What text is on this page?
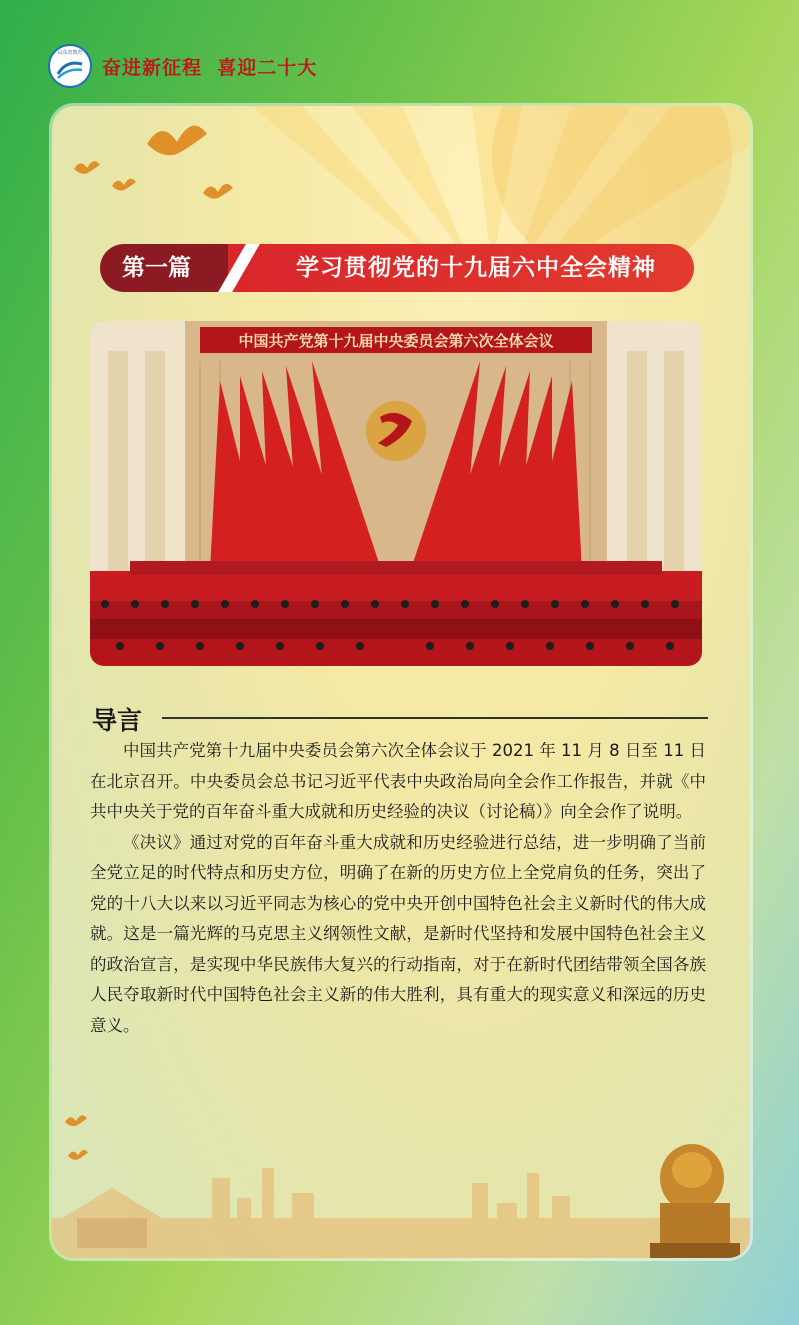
山东省教育
奋进新征程  喜迎二十大
第一篇	学习贯彻党的十九届六中全会精神
中国共产党第十九届中央委员会第六次全体会议
导言

中国共产党第十九届中央委员会第六次全体会议于 2021 年 11 月 8 日至 11 日在北京召开。中央委员会总书记习近平代表中央政治局向全会作工作报告，并就《中共中央关于党的百年奋斗重大成就和历史经验的决议（讨论稿）》向全会作了说明。

《决议》通过对党的百年奋斗重大成就和历史经验进行总结，进一步明确了当前全党立足的时代特点和历史方位，明确了在新的历史方位上全党肩负的任务，突出了党的十八大以来以习近平同志为核心的党中央开创中国特色社会主义新时代的伟大成就。这是一篇光辉的马克思主义纲领性文献，是新时代坚持和发展中国特色社会主义的政治宣言，是实现中华民族伟大复兴的行动指南，对于在新时代团结带领全国各族人民夺取新时代中国特色社会主义新的伟大胜利，具有重大的现实意义和深远的历史意义。
